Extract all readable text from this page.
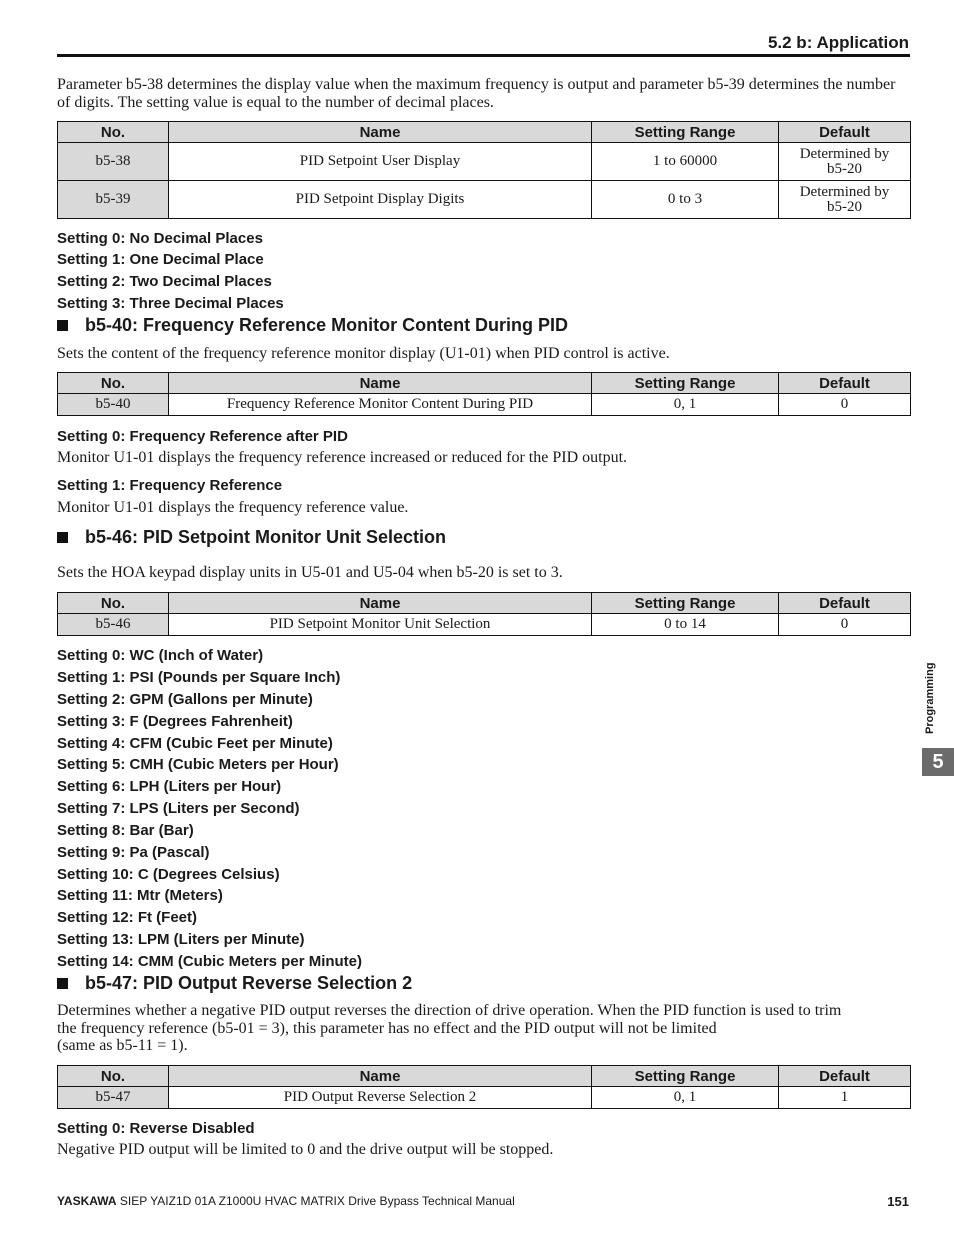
5.2 b: Application
Parameter b5-38 determines the display value when the maximum frequency is output and parameter b5-39 determines the number of digits. The setting value is equal to the number of decimal places.
No.	Name	Setting Range	Default
b5-38	PID Setpoint User Display	1 to 60000	Determined by
b5-20

b5-39	PID Setpoint Display Digits	0 to 3	Determined by
b5-20
Setting 0: No Decimal Places
Setting 1: One Decimal Place
Setting 2: Two Decimal Places
Setting 3: Three Decimal Places
b5-40: Frequency Reference Monitor Content During PID
Sets the content of the frequency reference monitor display (U1-01) when PID control is active.
No.	Name	Setting Range	Default
b5-40	Frequency Reference Monitor Content During PID	0, 1	0
Setting 0: Frequency Reference after PID
Monitor U1-01 displays the frequency reference increased or reduced for the PID output.
Setting 1: Frequency Reference
Monitor U1-01 displays the frequency reference value.
b5-46: PID Setpoint Monitor Unit Selection
Sets the HOA keypad display units in U5-01 and U5-04 when b5-20 is set to 3.
No.	Name	Setting Range	Default
b5-46	PID Setpoint Monitor Unit Selection	0 to 14	0
Setting 0: WC (Inch of Water)
Setting 1: PSI (Pounds per Square Inch)
Setting 2: GPM (Gallons per Minute)
Setting 3: F (Degrees Fahrenheit)
Setting 4: CFM (Cubic Feet per Minute)
Setting 5: CMH (Cubic Meters per Hour)
Setting 6: LPH (Liters per Hour)
Setting 7: LPS (Liters per Second)
Setting 8: Bar (Bar)
Setting 9: Pa (Pascal)
Setting 10: C (Degrees Celsius)
Setting 11: Mtr (Meters)
Setting 12: Ft (Feet)
Setting 13: LPM (Liters per Minute)
Setting 14: CMM (Cubic Meters per Minute)
b5-47: PID Output Reverse Selection 2
Determines whether a negative PID output reverses the direction of drive operation. When the PID function is used to trim
the frequency reference (b5-01 = 3), this parameter has no effect and the PID output will not be limited
(same as b5-11 = 1).
No.	Name	Setting Range	Default
b5-47	PID Output Reverse Selection 2	0, 1	1
Setting 0: Reverse Disabled
Negative PID output will be limited to 0 and the drive output will be stopped.
Programming
5
YASKAWA SIEP YAIZ1D 01A Z1000U HVAC MATRIX Drive Bypass Technical Manual	151
